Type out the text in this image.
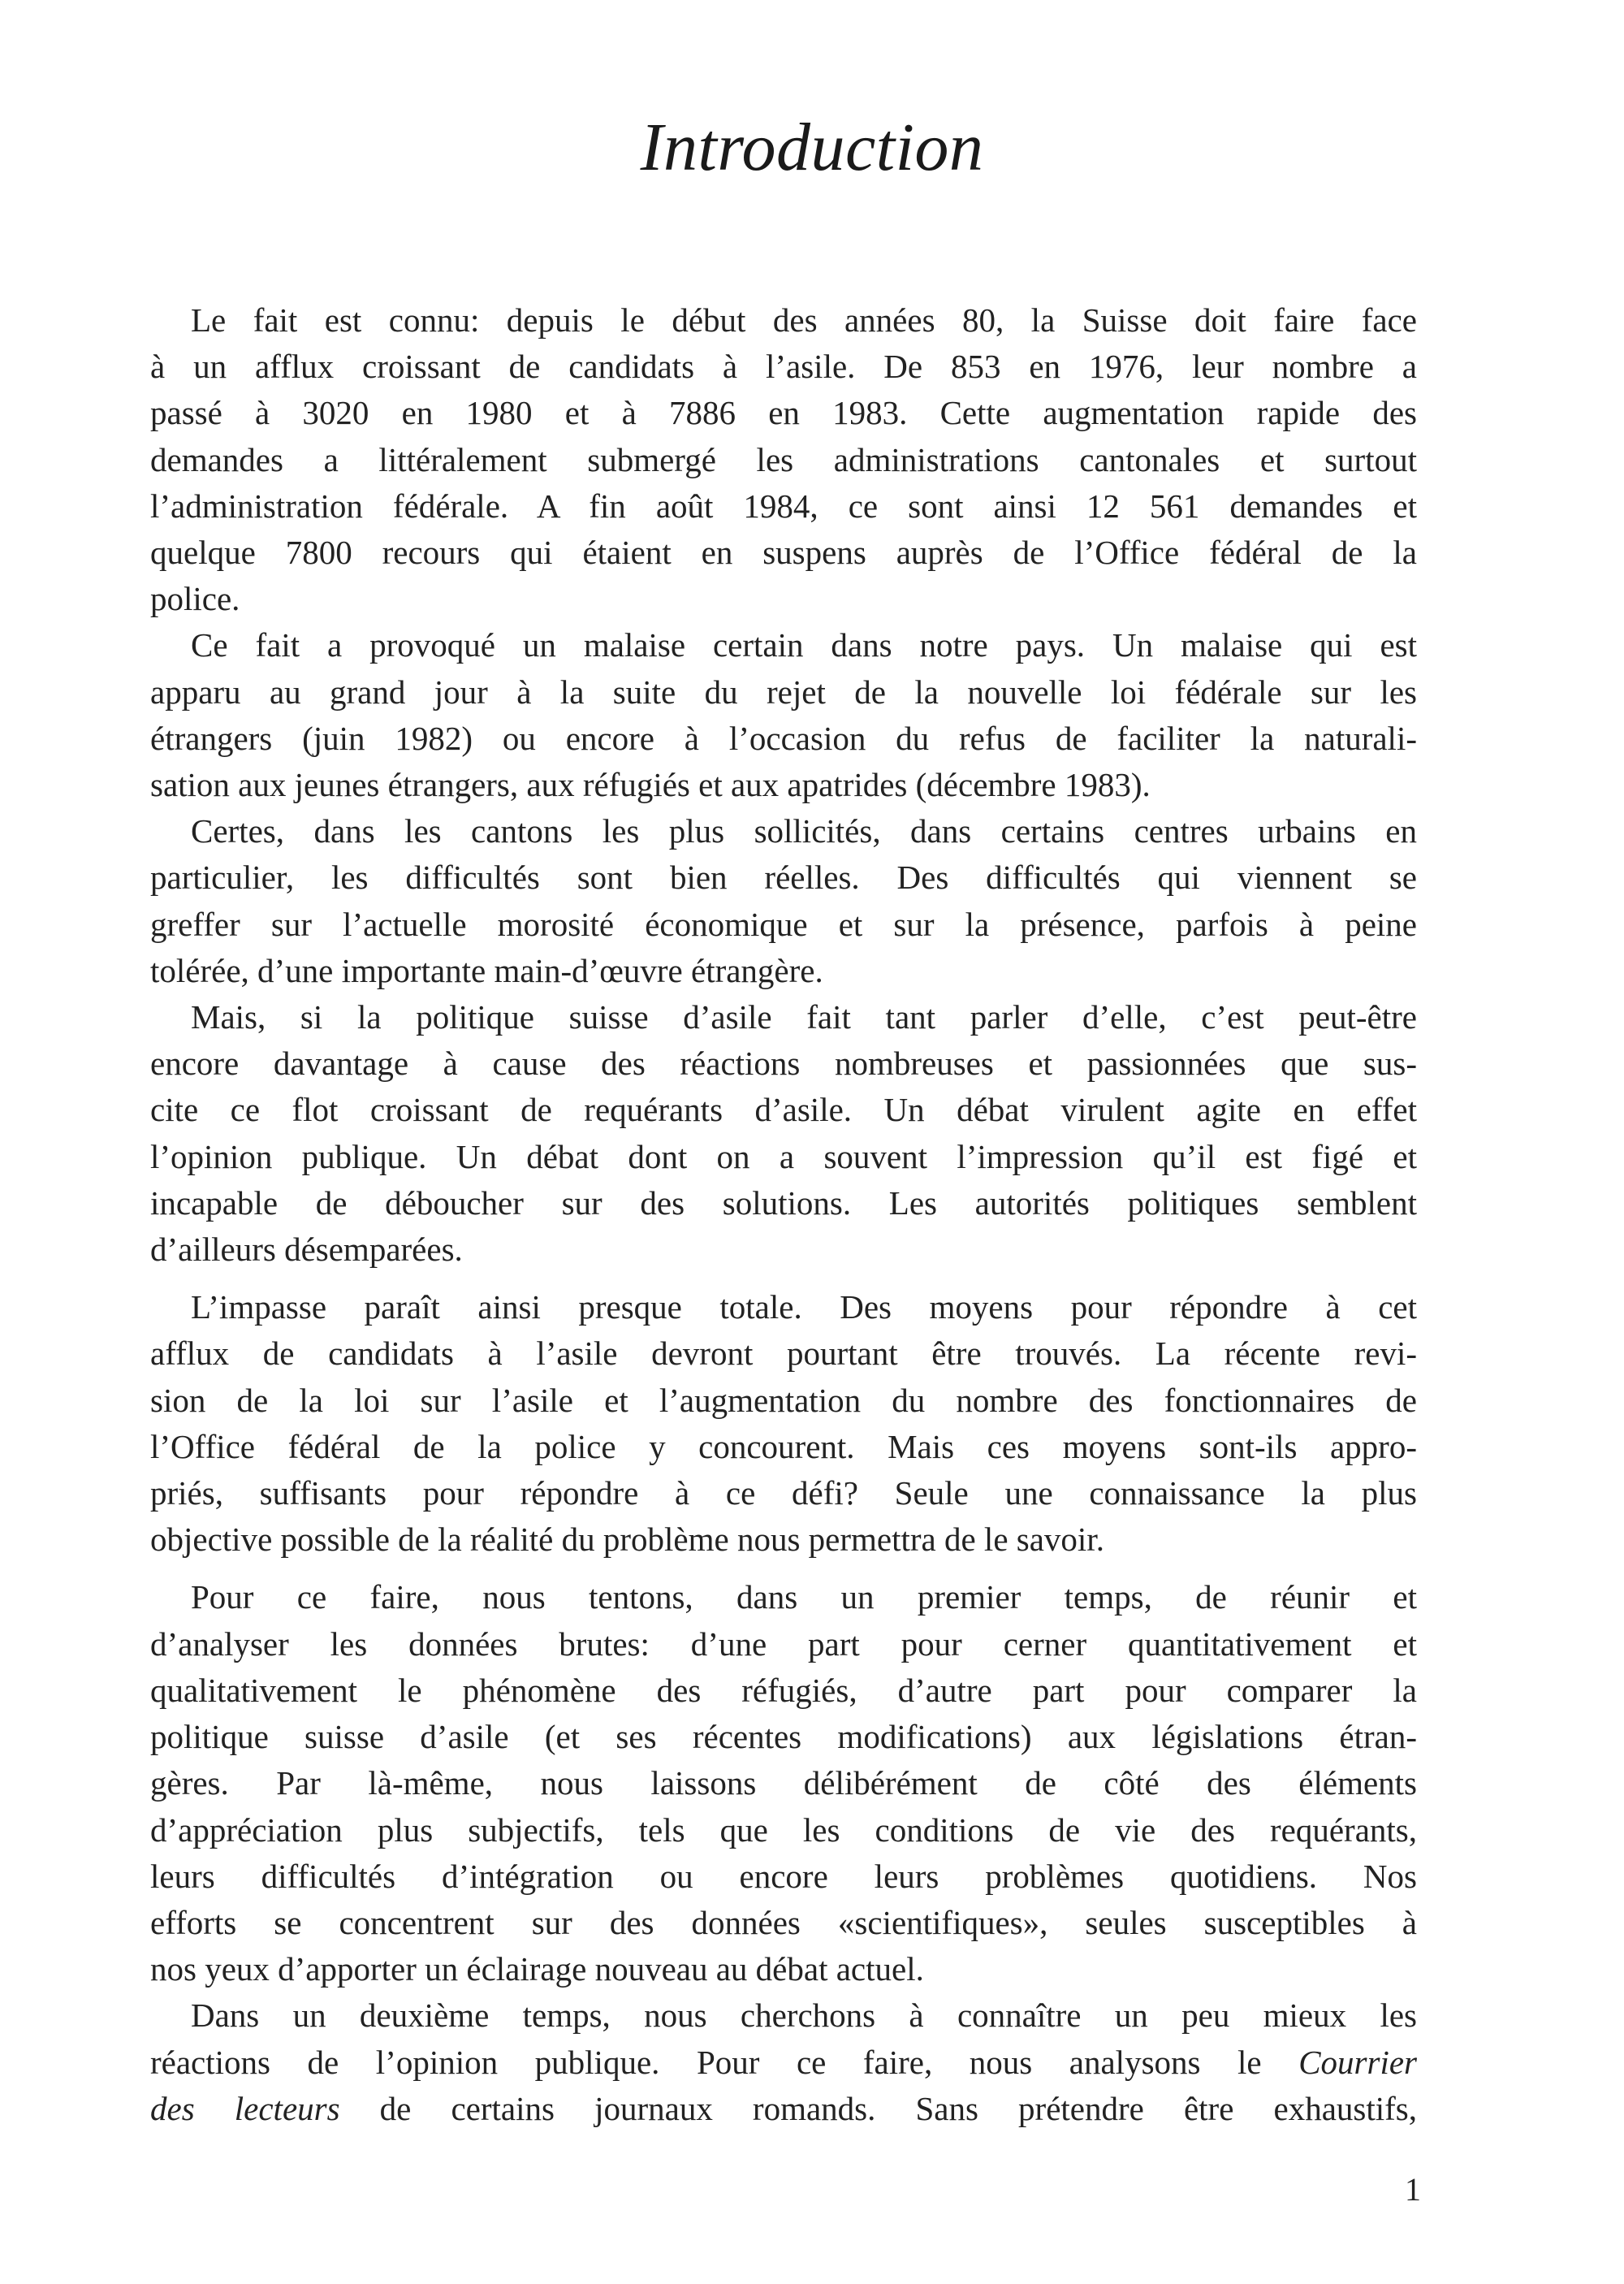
Introduction
Le fait est connu: depuis le début des années 80, la Suisse doit faire face
à un afflux croissant de candidats à l’asile. De 853 en 1976, leur nombre a
passé à 3020 en 1980 et à 7886 en 1983. Cette augmentation rapide des
demandes a littéralement submergé les administrations cantonales et surtout
l’administration fédérale. A fin août 1984, ce sont ainsi 12 561 demandes et
quelque 7800 recours qui étaient en suspens auprès de l’Office fédéral de la
police.
Ce fait a provoqué un malaise certain dans notre pays. Un malaise qui est
apparu au grand jour à la suite du rejet de la nouvelle loi fédérale sur les
étrangers (juin 1982) ou encore à l’occasion du refus de faciliter la naturali-
sation aux jeunes étrangers, aux réfugiés et aux apatrides (décembre 1983).
Certes, dans les cantons les plus sollicités, dans certains centres urbains en
particulier, les difficultés sont bien réelles. Des difficultés qui viennent se
greffer sur l’actuelle morosité économique et sur la présence, parfois à peine
tolérée, d’une importante main-d’œuvre étrangère.
Mais, si la politique suisse d’asile fait tant parler d’elle, c’est peut-être
encore davantage à cause des réactions nombreuses et passionnées que sus-
cite ce flot croissant de requérants d’asile. Un débat virulent agite en effet
l’opinion publique. Un débat dont on a souvent l’impression qu’il est figé et
incapable de déboucher sur des solutions. Les autorités politiques semblent
d’ailleurs désemparées.
L’impasse paraît ainsi presque totale. Des moyens pour répondre à cet
afflux de candidats à l’asile devront pourtant être trouvés. La récente revi-
sion de la loi sur l’asile et l’augmentation du nombre des fonctionnaires de
l’Office fédéral de la police y concourent. Mais ces moyens sont-ils appro-
priés, suffisants pour répondre à ce défi? Seule une connaissance la plus
objective possible de la réalité du problème nous permettra de le savoir.
Pour ce faire, nous tentons, dans un premier temps, de réunir et
d’analyser les données brutes: d’une part pour cerner quantitativement et
qualitativement le phénomène des réfugiés, d’autre part pour comparer la
politique suisse d’asile (et ses récentes modifications) aux législations étran-
gères. Par là-même, nous laissons délibérément de côté des éléments
d’appréciation plus subjectifs, tels que les conditions de vie des requérants,
leurs difficultés d’intégration ou encore leurs problèmes quotidiens. Nos
efforts se concentrent sur des données «scientifiques», seules susceptibles à
nos yeux d’apporter un éclairage nouveau au débat actuel.
Dans un deuxième temps, nous cherchons à connaître un peu mieux les
réactions de l’opinion publique. Pour ce faire, nous analysons le Courrier
des lecteurs de certains journaux romands. Sans prétendre être exhaustifs,
1
